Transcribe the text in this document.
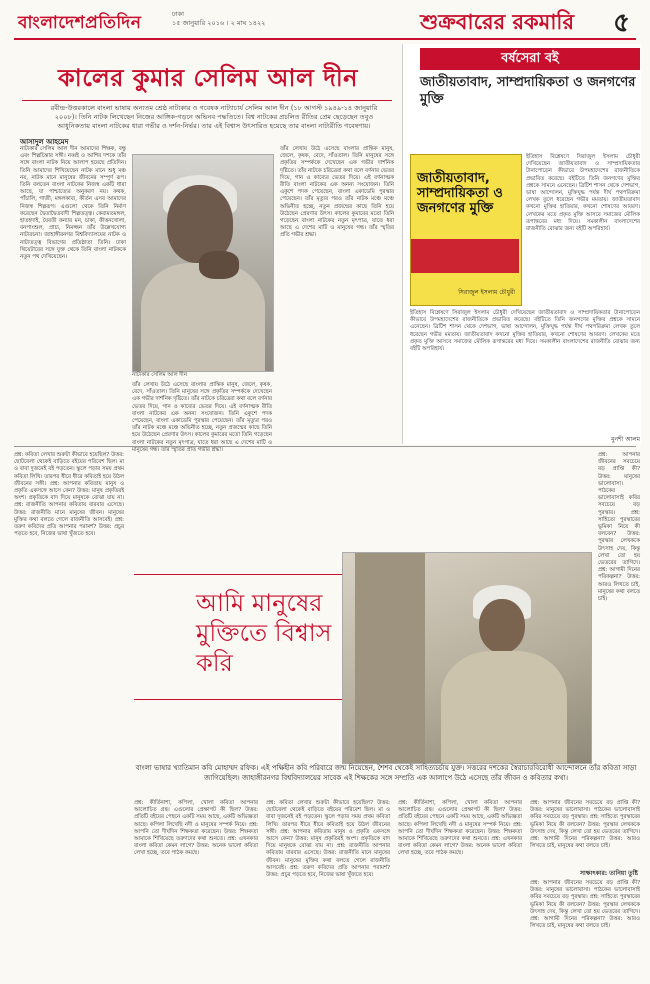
বাংলাদেশপ্রতিদিন	ঢাকা
১৫ জানুয়ারি ২০১৬ । ২ মাঘ ১৪২২	শুক্রবারের রকমারি ৫
কালের কুমার সেলিম আল দীন
রবীন্দ্র-উত্তরকালে বাংলা ভাষায় অন্যতম শ্রেষ্ঠ নাট্যকার ও গবেষক নাট্যাচার্য সেলিম আল দীন (১৮ আগস্ট ১৯৪৯-১৪ জানুয়ারি ২০০৮)। তিনি নাটক লিখেছেন নিজের আঙ্গিক-গড়নে অভিনব পদ্ধতিতে। বিশ্ব নাটকের প্রচলিত রীতির প্রেম ছেড়েছেন তবুও আধুনিকতায় বাংলা নাটকের ধারা গভীর ও দর্শন-নির্ভর। তার এই বিশ্বাস উৎসারিত হয়েছে তার বাংলা নাট্যরীতি গবেষণায়।
আসাদুল আহমেদ
নাট্যকার সেলিম আল দীন আমাদের শিক্ষক, বন্ধু এবং শিল্পচিন্তার সঙ্গী। নব্বই ও আশির দশকে তাঁর সঙ্গে বাংলা নাটক নিয়ে আলাপ হয়েছে প্রতিদিন। তিনি আমাদের শিখিয়েছেন নাটক মানে শুধু মঞ্চ নয়, নাটক মানে মানুষের জীবনের সম্পূর্ণ রূপ। তিনি বলতেন বাংলা নাটকের নিজস্ব একটি ধারা আছে, যা পাশ্চাত্যের অনুকরণ নয়। কথক, পাঁচালি, গাজী, মঙ্গলকাব্য, কীর্তন এসব আমাদের নিজস্ব শিল্পরূপ। এগুলো থেকে তিনি নির্মাণ করেছেন দ্বৈতাদ্বৈতবাদী শিল্পতত্ত্ব। কেরামতমঙ্গল, হাতহদাই, যৈবতী কন্যার মন, চাকা, কীত্তনখোলা, বনপাংশুল, প্রাচ্য, নিমজ্জন তাঁর উল্লেখযোগ্য নাট্যরচনা। জাহাঙ্গীরনগর বিশ্ববিদ্যালয়ের নাটক ও নাট্যতত্ত্ব বিভাগের প্রতিষ্ঠাতা তিনি। ঢাকা থিয়েটারের সঙ্গে যুক্ত থেকে তিনি বাংলা নাটককে নতুন পথ দেখিয়েছেন।
নাট্যকার সেলিম আল দীন
তাঁর লেখায় উঠে এসেছে বাংলার প্রান্তিক মানুষ, জেলে, কৃষক, বেদে, সাঁওতাল। তিনি মানুষের সঙ্গে প্রকৃতির সম্পর্ককে দেখেছেন এক গভীর দার্শনিক দৃষ্টিতে। তাঁর নাটকে চরিত্রেরা কথা বলে বর্ণনার ভেতর দিয়ে, গান ও কাব্যের ভেতর দিয়ে। এই বর্ণনাত্মক রীতি বাংলা নাটকের এক অনন্য সংযোজন। তিনি একুশে পদক পেয়েছেন, বাংলা একাডেমি পুরস্কার পেয়েছেন। তাঁর মৃত্যুর পরও তাঁর নাটক মঞ্চে মঞ্চে অভিনীত হচ্ছে, নতুন প্রজন্মের কাছে তিনি হয়ে উঠেছেন প্রেরণার উৎস। কালের কুমারের মতো তিনি গড়েছেন বাংলা নাটকের নতুন মৃৎপাত্র, যাতে ধরা আছে এ দেশের মাটি ও মানুষের গন্ধ। তাঁর স্মৃতির প্রতি গভীর শ্রদ্ধা।
তাঁর লেখায় উঠে এসেছে বাংলার প্রান্তিক মানুষ, জেলে, কৃষক, বেদে, সাঁওতাল। তিনি মানুষের সঙ্গে প্রকৃতির সম্পর্ককে দেখেছেন এক গভীর দার্শনিক দৃষ্টিতে। তাঁর নাটকে চরিত্রেরা কথা বলে বর্ণনার ভেতর দিয়ে, গান ও কাব্যের ভেতর দিয়ে। এই বর্ণনাত্মক রীতি বাংলা নাটকের এক অনন্য সংযোজন। তিনি একুশে পদক পেয়েছেন, বাংলা একাডেমি পুরস্কার পেয়েছেন। তাঁর মৃত্যুর পরও তাঁর নাটক মঞ্চে মঞ্চে অভিনীত হচ্ছে, নতুন প্রজন্মের কাছে তিনি হয়ে উঠেছেন প্রেরণার উৎস। কালের কুমারের মতো তিনি গড়েছেন বাংলা নাটকের নতুন মৃৎপাত্র, যাতে ধরা আছে এ দেশের মাটি ও মানুষের গন্ধ। তাঁর স্মৃতির প্রতি গভীর শ্রদ্ধা।
বর্ষসেরা বই
জাতীয়তাবাদ, সাম্প্রদায়িকতা ও জনগণের মুক্তি
জাতীয়তাবাদ, সাম্প্রদায়িকতা ও জনগণের মুক্তি
সিরাজুল ইসলাম চৌধুরী
ইতিহাস বিশ্লেষণে সিরাজুল ইসলাম চৌধুরী দেখিয়েছেন জাতীয়তাবাদ ও সাম্প্রদায়িকতার টানাপোড়েন কীভাবে উপমহাদেশের রাজনীতিকে প্রভাবিত করেছে। বইটিতে তিনি জনগণের মুক্তির প্রশ্নকে সামনে এনেছেন। ব্রিটিশ শাসন থেকে দেশভাগ, ভাষা আন্দোলন, মুক্তিযুদ্ধ পর্যন্ত দীর্ঘ পথপরিক্রমা লেখক তুলে ধরেছেন গভীর মমতায়। জাতীয়তাবাদ কখনো মুক্তির হাতিয়ার, কখনো শোষণের আবরণ। লেখকের মতে প্রকৃত মুক্তি আসবে সমাজের মৌলিক রূপান্তরের মধ্য দিয়ে। সমকালীন বাংলাদেশের রাজনীতি বোঝার জন্য বইটি অপরিহার্য।
ইতিহাস বিশ্লেষণে সিরাজুল ইসলাম চৌধুরী দেখিয়েছেন জাতীয়তাবাদ ও সাম্প্রদায়িকতার টানাপোড়েন কীভাবে উপমহাদেশের রাজনীতিকে প্রভাবিত করেছে। বইটিতে তিনি জনগণের মুক্তির প্রশ্নকে সামনে এনেছেন। ব্রিটিশ শাসন থেকে দেশভাগ, ভাষা আন্দোলন, মুক্তিযুদ্ধ পর্যন্ত দীর্ঘ পথপরিক্রমা লেখক তুলে ধরেছেন গভীর মমতায়। জাতীয়তাবাদ কখনো মুক্তির হাতিয়ার, কখনো শোষণের আবরণ। লেখকের মতে প্রকৃত মুক্তি আসবে সমাজের মৌলিক রূপান্তরের মধ্য দিয়ে। সমকালীন বাংলাদেশের রাজনীতি বোঝার জন্য বইটি অপরিহার্য।
মুনশী আলম
প্রশ্ন: কবিতা লেখার শুরুটা কীভাবে হয়েছিল? উত্তর: ছোটবেলা থেকেই বাড়িতে বইয়ের পরিবেশ ছিল। মা ও বাবা দুজনেই বই পড়তেন। স্কুলে পড়ার সময় প্রথম কবিতা লিখি। তারপর ধীরে ধীরে কবিতাই হয়ে উঠল জীবনের সঙ্গী। প্রশ্ন: আপনার কবিতায় মানুষ ও প্রকৃতি একসঙ্গে আসে কেন? উত্তর: মানুষ প্রকৃতিরই অংশ। প্রকৃতিকে বাদ দিয়ে মানুষকে বোঝা যায় না। প্রশ্ন: রাজনীতি আপনার কবিতায় বারবার এসেছে। উত্তর: রাজনীতি মানে মানুষের জীবন। মানুষের মুক্তির কথা বলতে গেলে রাজনীতি আসবেই। প্রশ্ন: তরুণ কবিদের প্রতি আপনার পরামর্শ? উত্তর: প্রচুর পড়তে হবে, নিজের ভাষা খুঁজতে হবে।
আমি মানুষের মুক্তিতে বিশ্বাস করি
প্রশ্ন: আপনার জীবনের সবচেয়ে বড় প্রাপ্তি কী? উত্তর: মানুষের ভালোবাসা। পাঠকের ভালোবাসাই কবির সবচেয়ে বড় পুরস্কার। প্রশ্ন: সাহিত্যে পুরস্কারের ভূমিকা নিয়ে কী বলবেন? উত্তর: পুরস্কার লেখককে উৎসাহ দেয়, কিন্তু লেখা তো হয় ভেতরের তাগিদে। প্রশ্ন: আগামী দিনের পরিকল্পনা? উত্তর: আরও লিখতে চাই, মানুষের কথা বলতে চাই।
বাংলা ভাষার খ্যাতিমান কবি মোহাম্মদ রফিক। এই পক্ষিহীন কবি পরিবারে জন্ম নিয়েছেন, শৈশব থেকেই সাহিত্যচর্চায় যুক্ত। সত্তরের দশকের স্বৈরাচারবিরোধী আন্দোলনে তাঁর কবিতা সাড়া জাগিয়েছিল। জাহাঙ্গীরনগর বিশ্ববিদ্যালয়ের সাবেক এই শিক্ষকের সঙ্গে সম্প্রতি এক আলাপে উঠে এসেছে তাঁর জীবন ও কবিতার কথা।
প্রশ্ন: কীর্তিনাশা, কপিলা, খোলা কবিতা আপনার আলোচিত গ্রন্থ। এগুলোর প্রেক্ষাপট কী ছিল? উত্তর: প্রতিটি বইয়ের পেছনে একটি সময় আছে, একটি অভিজ্ঞতা আছে। কপিলা লিখেছি নদী ও মানুষের সম্পর্ক নিয়ে। প্রশ্ন: আপনি তো দীর্ঘদিন শিক্ষকতা করেছেন। উত্তর: শিক্ষকতা আমাকে শিখিয়েছে তরুণদের কথা শুনতে। প্রশ্ন: এখনকার বাংলা কবিতা কেমন লাগে? উত্তর: অনেক ভালো কবিতা লেখা হচ্ছে, তবে পাঠক কমছে।
প্রশ্ন: কবিতা লেখার শুরুটা কীভাবে হয়েছিল? উত্তর: ছোটবেলা থেকেই বাড়িতে বইয়ের পরিবেশ ছিল। মা ও বাবা দুজনেই বই পড়তেন। স্কুলে পড়ার সময় প্রথম কবিতা লিখি। তারপর ধীরে ধীরে কবিতাই হয়ে উঠল জীবনের সঙ্গী। প্রশ্ন: আপনার কবিতায় মানুষ ও প্রকৃতি একসঙ্গে আসে কেন? উত্তর: মানুষ প্রকৃতিরই অংশ। প্রকৃতিকে বাদ দিয়ে মানুষকে বোঝা যায় না। প্রশ্ন: রাজনীতি আপনার কবিতায় বারবার এসেছে। উত্তর: রাজনীতি মানে মানুষের জীবন। মানুষের মুক্তির কথা বলতে গেলে রাজনীতি আসবেই। প্রশ্ন: তরুণ কবিদের প্রতি আপনার পরামর্শ? উত্তর: প্রচুর পড়তে হবে, নিজের ভাষা খুঁজতে হবে।
প্রশ্ন: কীর্তিনাশা, কপিলা, খোলা কবিতা আপনার আলোচিত গ্রন্থ। এগুলোর প্রেক্ষাপট কী ছিল? উত্তর: প্রতিটি বইয়ের পেছনে একটি সময় আছে, একটি অভিজ্ঞতা আছে। কপিলা লিখেছি নদী ও মানুষের সম্পর্ক নিয়ে। প্রশ্ন: আপনি তো দীর্ঘদিন শিক্ষকতা করেছেন। উত্তর: শিক্ষকতা আমাকে শিখিয়েছে তরুণদের কথা শুনতে। প্রশ্ন: এখনকার বাংলা কবিতা কেমন লাগে? উত্তর: অনেক ভালো কবিতা লেখা হচ্ছে, তবে পাঠক কমছে।
প্রশ্ন: আপনার জীবনের সবচেয়ে বড় প্রাপ্তি কী? উত্তর: মানুষের ভালোবাসা। পাঠকের ভালোবাসাই কবির সবচেয়ে বড় পুরস্কার। প্রশ্ন: সাহিত্যে পুরস্কারের ভূমিকা নিয়ে কী বলবেন? উত্তর: পুরস্কার লেখককে উৎসাহ দেয়, কিন্তু লেখা তো হয় ভেতরের তাগিদে। প্রশ্ন: আগামী দিনের পরিকল্পনা? উত্তর: আরও লিখতে চাই, মানুষের কথা বলতে চাই।
সাক্ষাৎকার: তানিয়া তুষ্টি
প্রশ্ন: আপনার জীবনের সবচেয়ে বড় প্রাপ্তি কী? উত্তর: মানুষের ভালোবাসা। পাঠকের ভালোবাসাই কবির সবচেয়ে বড় পুরস্কার। প্রশ্ন: সাহিত্যে পুরস্কারের ভূমিকা নিয়ে কী বলবেন? উত্তর: পুরস্কার লেখককে উৎসাহ দেয়, কিন্তু লেখা তো হয় ভেতরের তাগিদে। প্রশ্ন: আগামী দিনের পরিকল্পনা? উত্তর: আরও লিখতে চাই, মানুষের কথা বলতে চাই।
